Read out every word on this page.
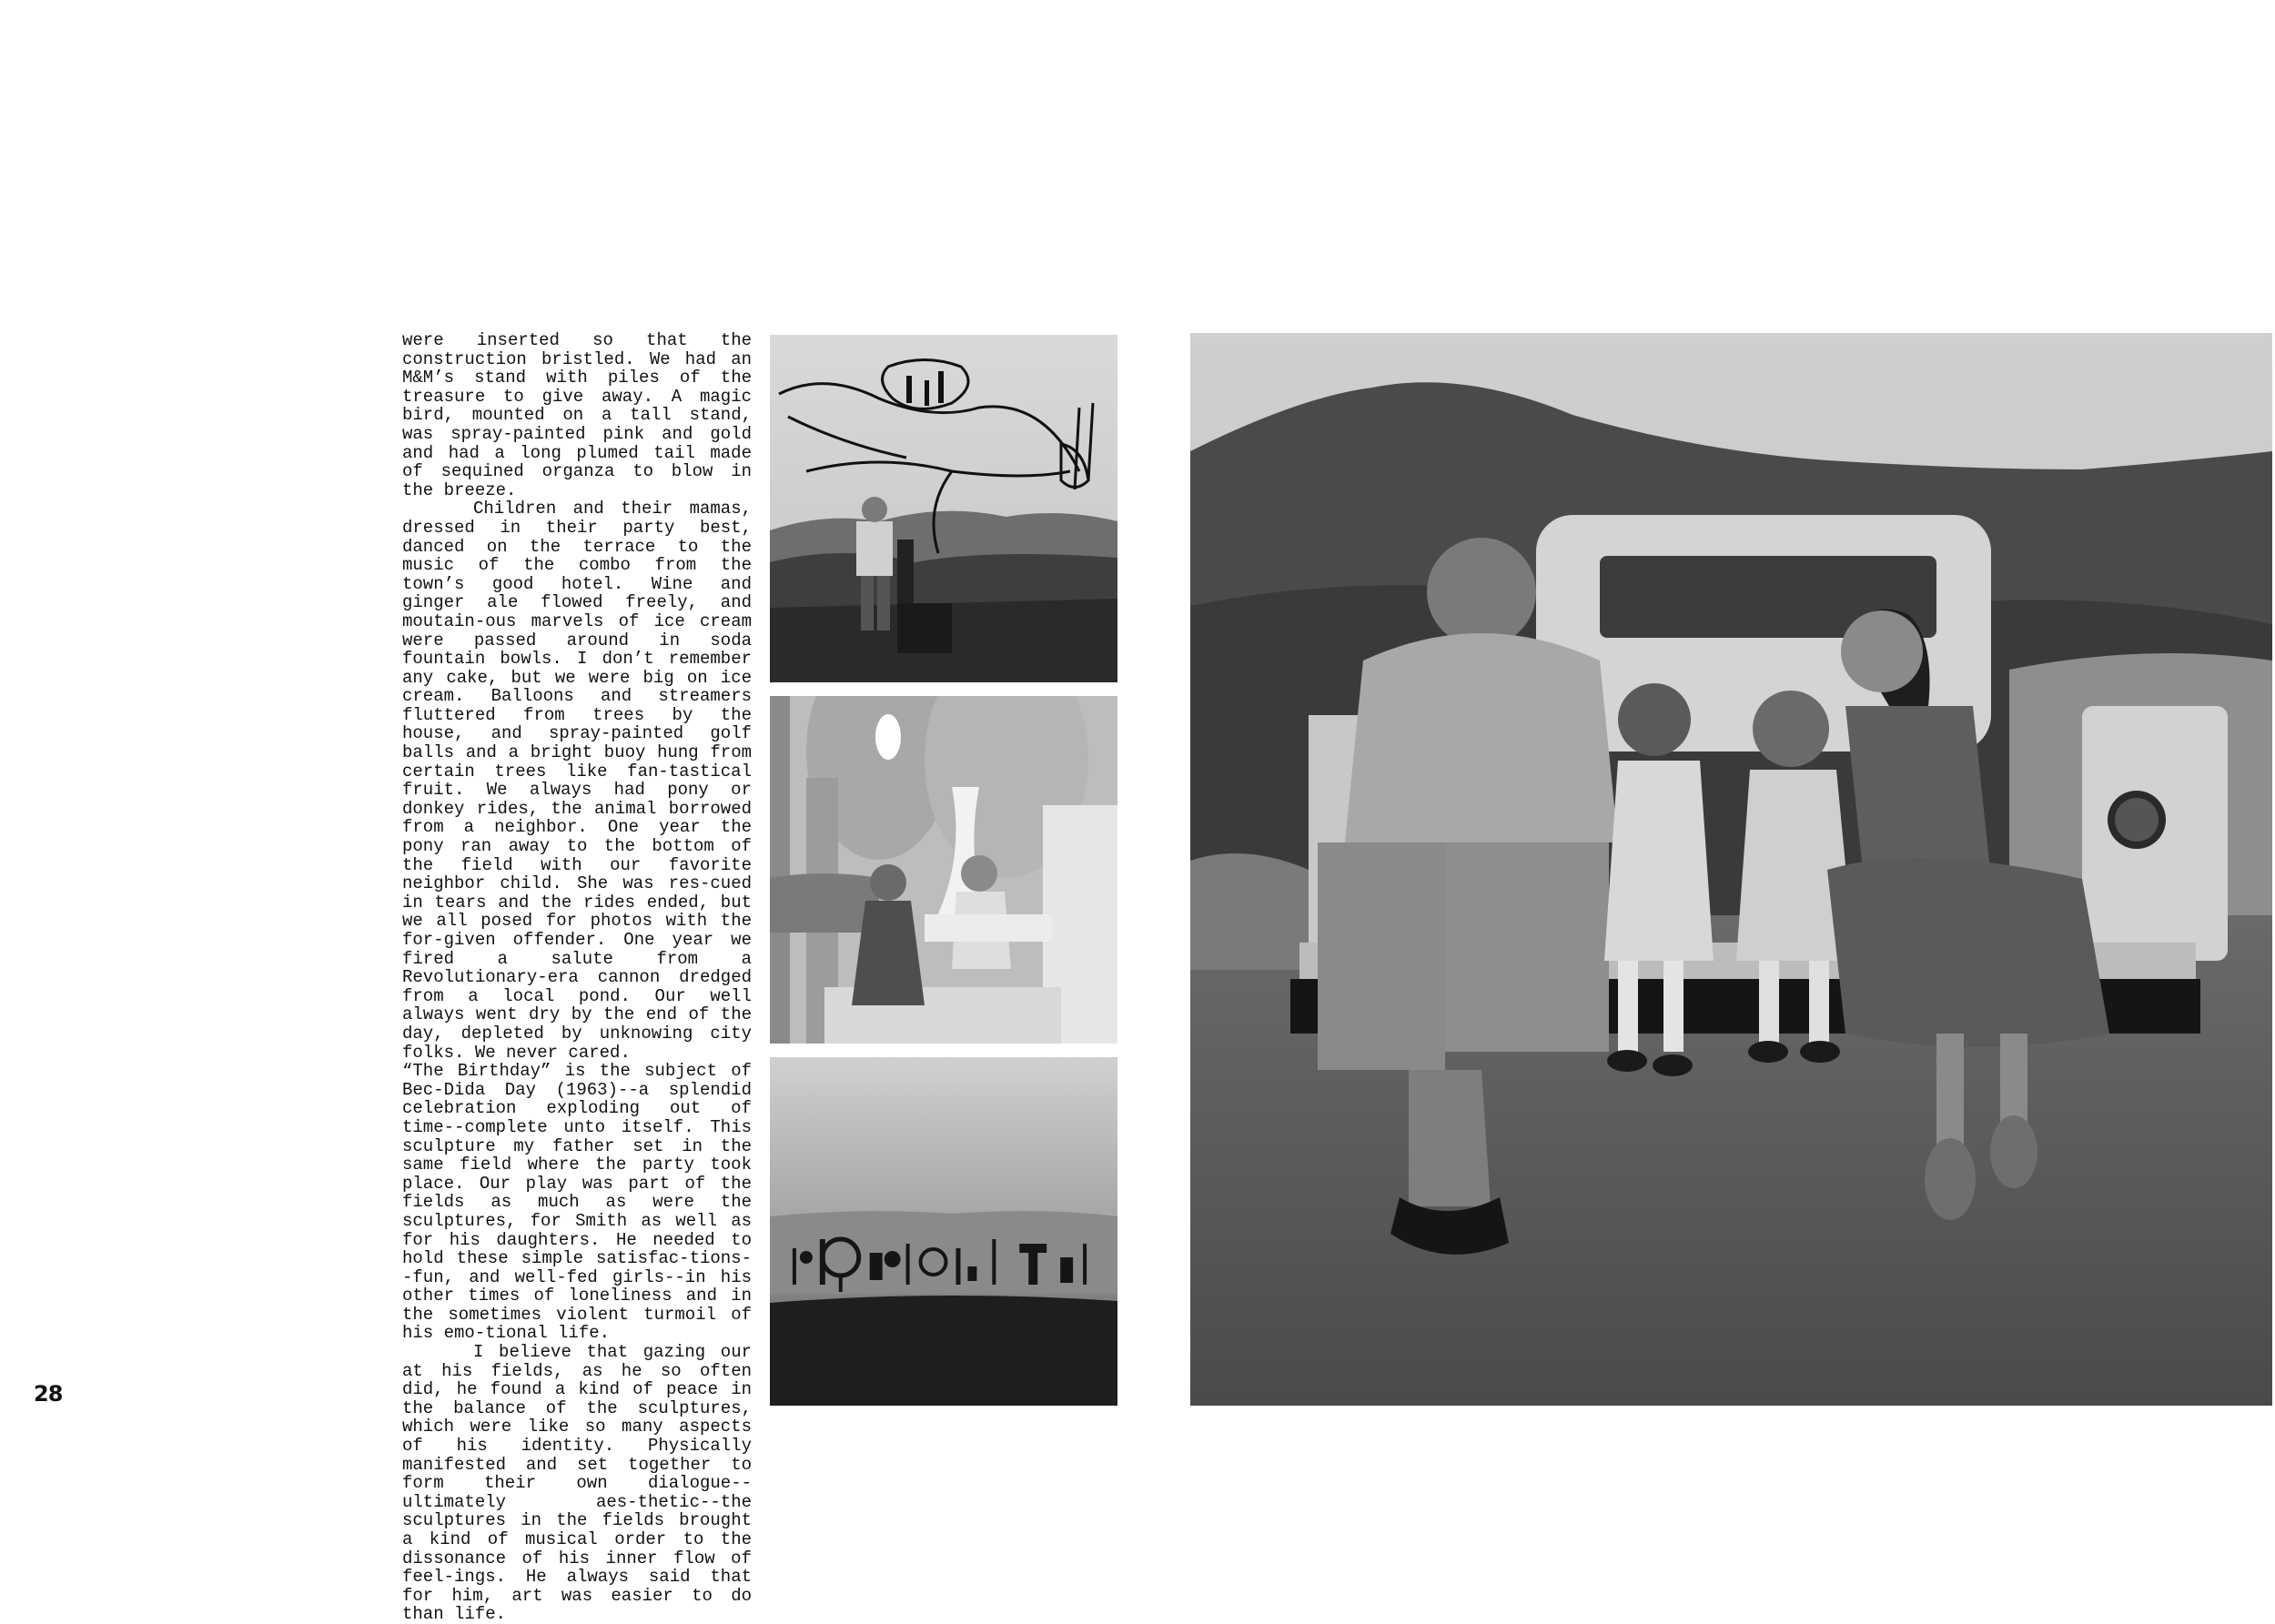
were inserted so that the construction bristled. We had an M&M’s stand with piles of the treasure to give away. A magic bird, mounted on a tall stand, was spray-painted pink and gold and had a long plumed tail made of sequined organza to blow in the breeze.

Children and their mamas, dressed in their party best, danced on the terrace to the music of the combo from the town’s good hotel. Wine and ginger ale flowed freely, and moutain-ous marvels of ice cream were passed around in soda fountain bowls. I don’t remember any cake, but we were big on ice cream. Balloons and streamers fluttered from trees by the house, and spray-painted golf balls and a bright buoy hung from certain trees like fan-tastical fruit. We always had pony or donkey rides, the animal borrowed from a neighbor. One year the pony ran away to the bottom of the field with our favorite neighbor child. She was res-cued in tears and the rides ended, but we all posed for photos with the for-given offender. One year we fired a salute from a Revolutionary-era cannon dredged from a local pond. Our well always went dry by the end of the day, depleted by unknowing city folks. We never cared.

“The Birthday” is the subject of Bec-Dida Day (1963)--a splendid celebration exploding out of time--complete unto itself. This sculpture my father set in the same field where the party took place. Our play was part of the fields as much as were the sculptures, for Smith as well as for his daughters. He needed to hold these simple satisfac-tions--fun, and well-fed girls--in his other times of loneliness and in the sometimes violent turmoil of his emo-tional life.

I believe that gazing our at his fields, as he so often did, he found a kind of peace in the balance of the sculptures, which were like so many aspects of his identity. Physically manifested and set together to form their own dialogue--ultimately aes-thetic--the sculptures in the fields brought a kind of musical order to the dissonance of his inner flow of feel-ings. He always said that for him, art was easier to do than life.

28
